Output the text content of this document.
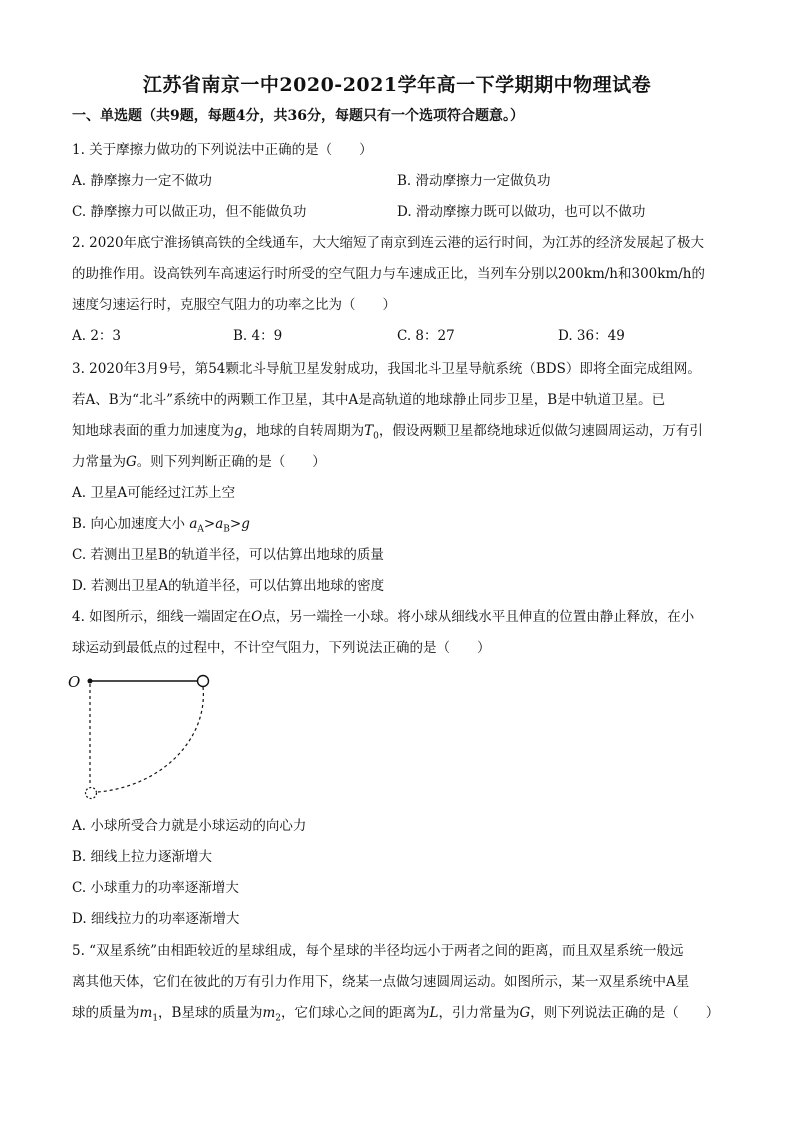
江苏省南京一中2020-2021学年高一下学期期中物理试卷
一、单选题（共9题，每题4分，共36分，每题只有一个选项符合题意。）
1. 关于摩擦力做功的下列说法中正确的是（　　）
A. 静摩擦力一定不做功	B. 滑动摩擦力一定做负功
C. 静摩擦力可以做正功，但不能做负功	D. 滑动摩擦力既可以做功，也可以不做功
2. 2020年底宁淮扬镇高铁的全线通车，大大缩短了南京到连云港的运行时间，为江苏的经济发展起了极大
的助推作用。设高铁列车高速运行时所受的空气阻力与车速成正比，当列车分别以200km/h和300km/h的
速度匀速运行时，克服空气阻力的功率之比为（　　）
A. 2：3	B. 4：9	C. 8：27	D. 36：49
3. 2020年3月9号，第54颗北斗导航卫星发射成功，我国北斗卫星导航系统（BDS）即将全面完成组网。
若A、B为“北斗”系统中的两颗工作卫星，其中A是高轨道的地球静止同步卫星，B是中轨道卫星。已
知地球表面的重力加速度为g，地球的自转周期为$T_0$，假设两颗卫星都绕地球近似做匀速圆周运动，万有引
力常量为G。则下列判断正确的是（　　）
A. 卫星A可能经过江苏上空
B. 向心加速度大小 $a_A>a_B>g$
C. 若测出卫星B的轨道半径，可以估算出地球的质量
D. 若测出卫星A的轨道半径，可以估算出地球的密度
4. 如图所示，细线一端固定在O点，另一端拴一小球。将小球从细线水平且伸直的位置由静止释放，在小
球运动到最低点的过程中，不计空气阻力，下列说法正确的是（　　）
O
A. 小球所受合力就是小球运动的向心力
B. 细线上拉力逐渐增大
C. 小球重力的功率逐渐增大
D. 细线拉力的功率逐渐增大
5. “双星系统”由相距较近的星球组成，每个星球的半径均远小于两者之间的距离，而且双星系统一般远
离其他天体，它们在彼此的万有引力作用下，绕某一点做匀速圆周运动。如图所示，某一双星系统中A星
球的质量为$m_1$，B星球的质量为$m_2$，它们球心之间的距离为L，引力常量为G，则下列说法正确的是（　　）
